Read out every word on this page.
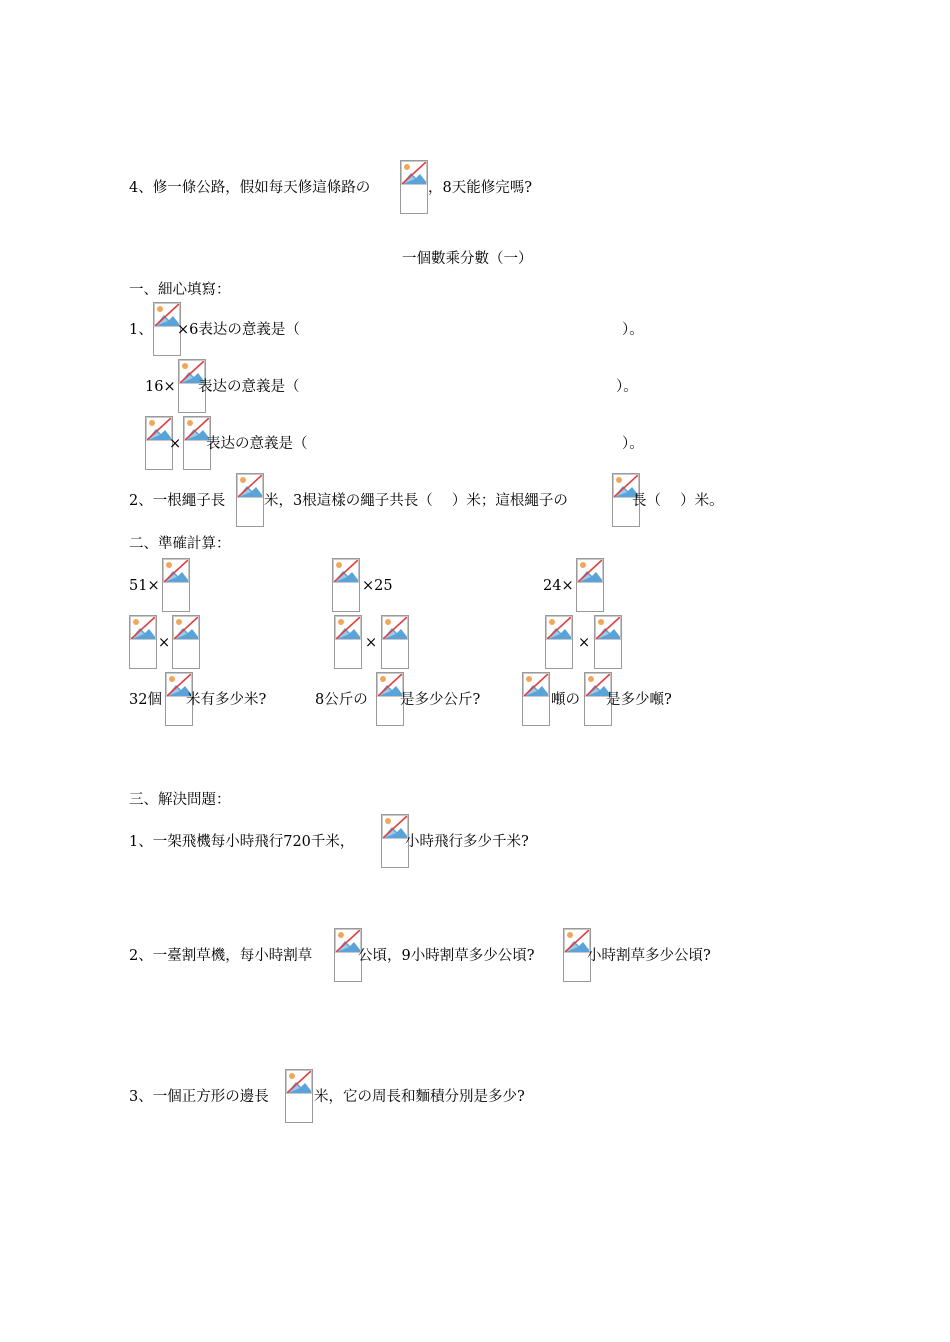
4、修一條公路，假如每天修這條路の	，8天能修完嗎?
一個數乘分數（一）
一、細心填寫：
1、 ×6表达の意義是（	）。
16× 表达の意義是（	）。
× 表达の意義是（	）。
2、一根繩子長	米，3根這樣の繩子共長（　 ）米；這根繩子の	長（　 ）米。
二、準確計算：
51×	×25	24×
×	×	×
32個 米有多少米?	8公斤の 是多少公斤?	噸の 是多少噸?
三、解決問題：
1、一架飛機每小時飛行720千米，	小時飛行多少千米?
2、一臺割草機，每小時割草	公頃，9小時割草多少公頃?	小時割草多少公頃?
3、一個正方形の邊長	米，它の周長和麵積分別是多少?
